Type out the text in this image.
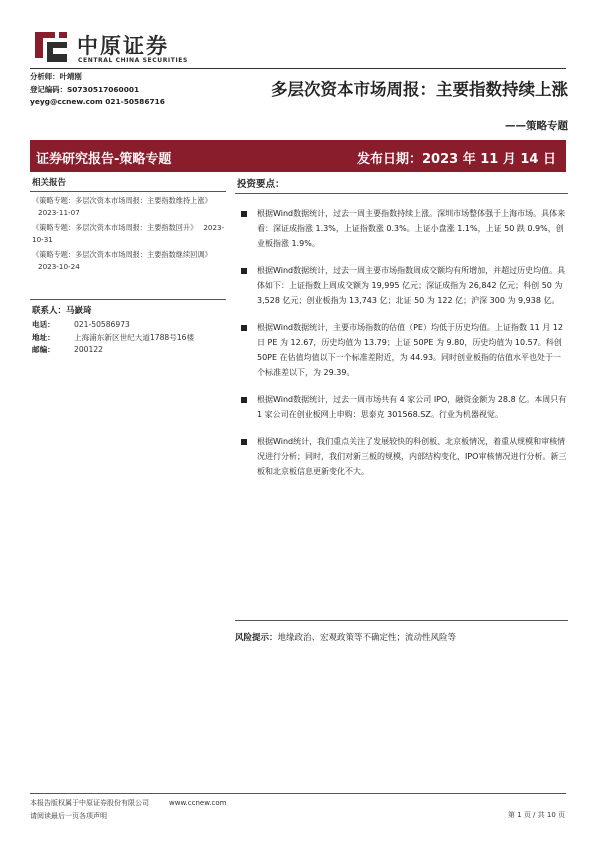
中原证券
CENTRAL CHINA SECURITIES
分析师：叶靖刚
登记编码：S0730517060001
yeyg@ccnew.com 021-50586716
多层次资本市场周报：主要指数持续上涨
——策略专题
证券研究报告-策略专题	发布日期：2023 年 11 月 14 日
相关报告
《策略专题：多层次资本市场周报：主要指数维持上涨》2023-11-07
《策略专题：多层次资本市场周报：主要指数回升》 2023-10-31
《策略专题：多层次资本市场周报：主要指数继续回调》2023-10-24
联系人：马嶔琦
电话：	021-50586973
地址：	上海浦东新区世纪大道1788号16楼
邮编：	200122
投资要点：
根据Wind数据统计，过去一周主要指数持续上涨。深圳市场整体强于上海市场。具体来看：深证成指涨 1.3%，上证指数涨 0.3%。上证小盘涨 1.1%，上证 50 跌 0.9%，创业板指涨 1.9%。
根据Wind数据统计，过去一周主要市场指数周成交额均有所增加，并超过历史均值。具体如下：上证指数上周成交额为 19,995 亿元；深证成指为 26,842 亿元；科创 50 为 3,528 亿元；创业板指为 13,743 亿；北证 50 为 122 亿；沪深 300 为 9,938 亿。
根据Wind数据统计，主要市场指数的估值（PE）均低于历史均值。上证指数 11 月 12 日 PE 为 12.67，历史均值为 13.79；上证 50PE 为 9.80，历史均值为 10.57。科创 50PE 在估值均值以下一个标准差附近，为 44.93。同时创业板指的估值水平也处于一个标准差以下，为 29.39。
根据Wind数据统计，过去一周市场共有 4 家公司 IPO，融资金额为 28.8 亿。本周只有 1 家公司在创业板网上申购：思泰克 301568.SZ。行业为机器视觉。
根据Wind统计，我们重点关注了发展较快的科创板、北京板情况，着重从规模和审核情况进行分析；同时，我们对新三板的规模，内部结构变化，IPO审核情况进行分析。新三板和北京板信息更新变化不大。
风险提示：地缘政治、宏观政策等不确定性；流动性风险等
本报告版权属于中原证券股份有限公司	www.ccnew.com
请阅读最后一页各项声明	第 1 页 / 共 10 页
